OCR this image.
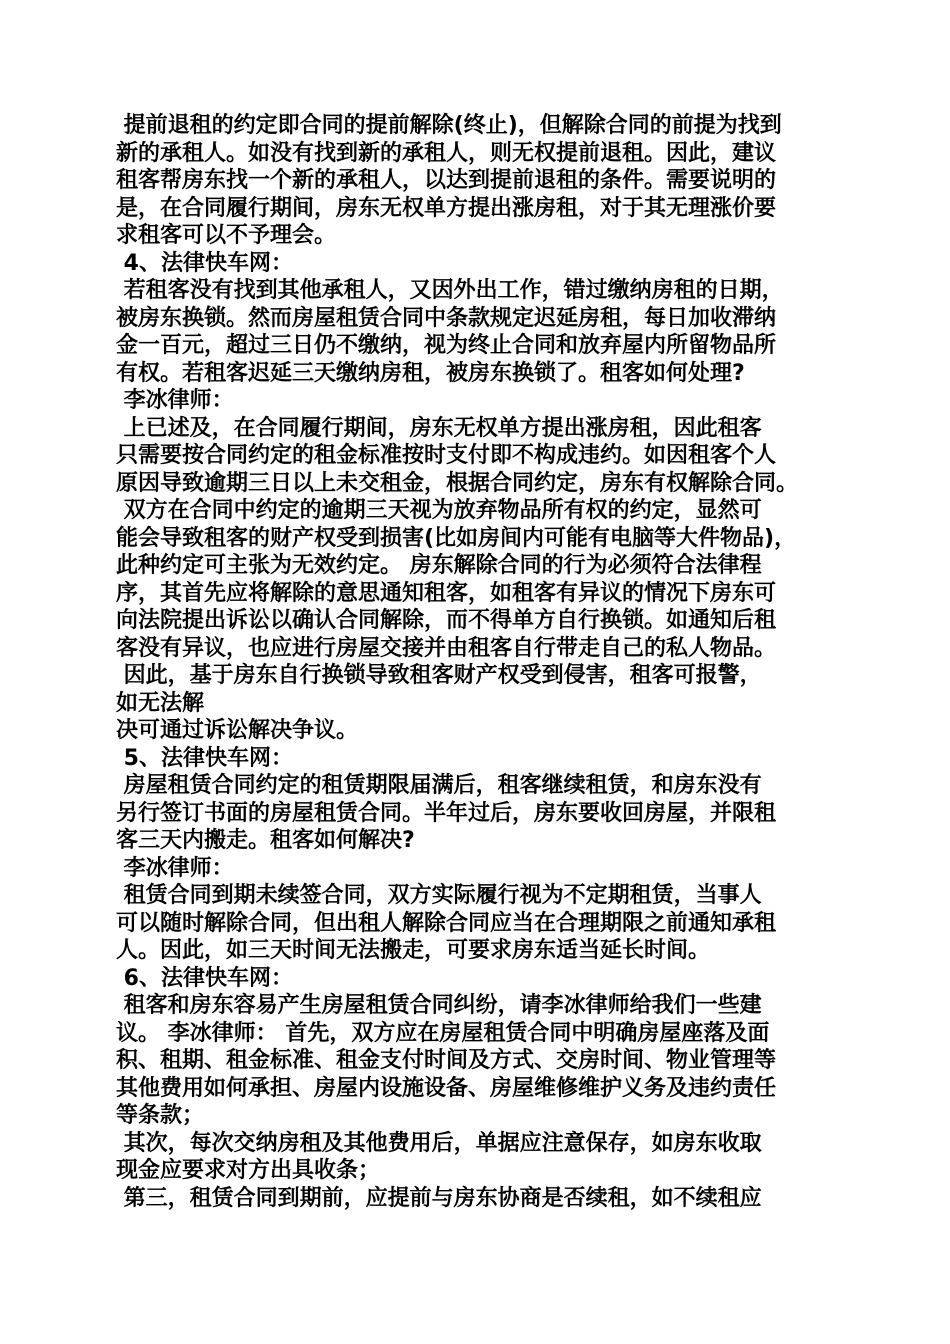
提前退租的约定即合同的提前解除(终止)，但解除合同的前提为找到
新的承租人。如没有找到新的承租人，则无权提前退租。因此，建议
租客帮房东找一个新的承租人，以达到提前退租的条件。需要说明的
是，在合同履行期间，房东无权单方提出涨房租，对于其无理涨价要
求租客可以不予理会。
4、法律快车网：
若租客没有找到其他承租人，又因外出工作，错过缴纳房租的日期，
被房东换锁。然而房屋租赁合同中条款规定迟延房租，每日加收滞纳
金一百元，超过三日仍不缴纳，视为终止合同和放弃屋内所留物品所
有权。若租客迟延三天缴纳房租，被房东换锁了。租客如何处理?
李冰律师：
上已述及，在合同履行期间，房东无权单方提出涨房租，因此租客
只需要按合同约定的租金标准按时支付即不构成违约。如因租客个人
原因导致逾期三日以上未交租金，根据合同约定，房东有权解除合同。
双方在合同中约定的逾期三天视为放弃物品所有权的约定，显然可
能会导致租客的财产权受到损害(比如房间内可能有电脑等大件物品)，
此种约定可主张为无效约定。 房东解除合同的行为必须符合法律程
序，其首先应将解除的意思通知租客，如租客有异议的情况下房东可
向法院提出诉讼以确认合同解除，而不得单方自行换锁。如通知后租
客没有异议，也应进行房屋交接并由租客自行带走自己的私人物品。
因此，基于房东自行换锁导致租客财产权受到侵害，租客可报警，
如无法解
决可通过诉讼解决争议。
5、法律快车网：
房屋租赁合同约定的租赁期限届满后，租客继续租赁，和房东没有
另行签订书面的房屋租赁合同。半年过后，房东要收回房屋，并限租
客三天内搬走。租客如何解决?
李冰律师：
租赁合同到期未续签合同，双方实际履行视为不定期租赁，当事人
可以随时解除合同，但出租人解除合同应当在合理期限之前通知承租
人。因此，如三天时间无法搬走，可要求房东适当延长时间。
6、法律快车网：
租客和房东容易产生房屋租赁合同纠纷，请李冰律师给我们一些建
议。 李冰律师： 首先，双方应在房屋租赁合同中明确房屋座落及面
积、租期、租金标准、租金支付时间及方式、交房时间、物业管理等
其他费用如何承担、房屋内设施设备、房屋维修维护义务及违约责任
等条款；
其次，每次交纳房租及其他费用后，单据应注意保存，如房东收取
现金应要求对方出具收条；
第三，租赁合同到期前，应提前与房东协商是否续租，如不续租应
